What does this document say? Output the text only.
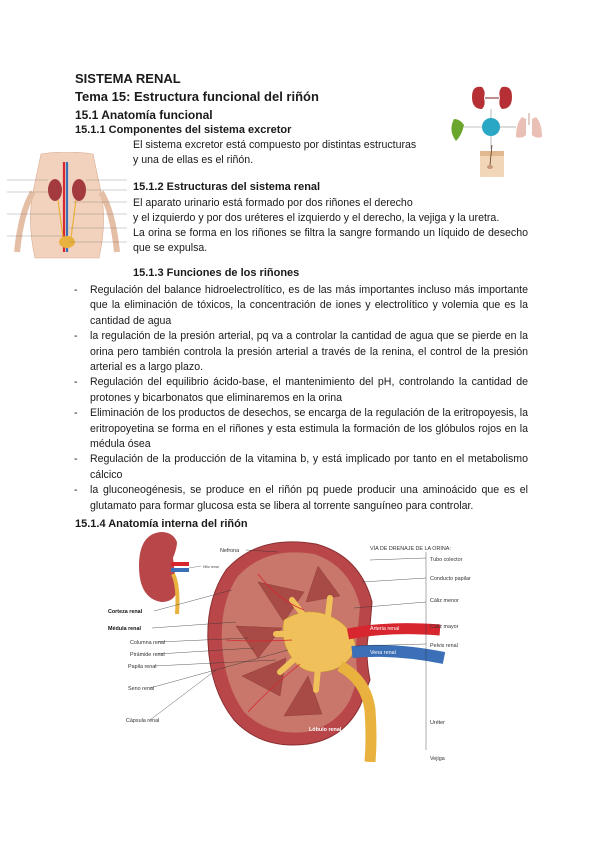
SISTEMA RENAL
Tema 15: Estructura funcional del riñón
15.1 Anatomía funcional
15.1.1 Componentes del sistema excretor
El sistema excretor está compuesto por distintas estructuras
y una de ellas es el riñón.
15.1.2 Estructuras del sistema renal
El aparato urinario está formado por dos riñones el derecho
y el izquierdo y por dos uréteres el izquierdo y el derecho, la vejiga y la uretra.
La orina se forma en los riñones se filtra la sangre formando un líquido de desecho que se expulsa.
15.1.3 Funciones de los riñones
- Regulación del balance hidroelectrolítico, es de las más importantes incluso más importante que la eliminación de tóxicos, la concentración de iones y electrolítico y volemia que es la cantidad de agua
- la regulación de la presión arterial, pq va a controlar la cantidad de agua que se pierde en la orina pero también controla la presión arterial a través de la renina, el control de la presión arterial es a largo plazo.
- Regulación del equilibrio ácido-base, el mantenimiento del pH, controlando la cantidad de protones y bicarbonatos que eliminaremos en la orina
- Eliminación de los productos de desechos, se encarga de la regulación de la eritropoyesis, la eritropoyetina se forma en el riñones y esta estimula la formación de los glóbulos rojos en la médula ósea
- Regulación de la producción de la vitamina b, y está implicado por tanto en el metabolismo cálcico
- la gluconeogénesis, se produce en el riñón pq puede producir una aminoácido que es el glutamato para formar glucosa esta se libera al torrente sanguíneo para controlar.
15.1.4 Anatomía interna del riñón
Hilio renal
Lóbulo renal
Arteria renal
Vena renal
Nefrona	VÍA DE DRENAJE DE LA ORINA:
Tubo colector
Conducto papilar
Cáliz menor
Cáliz mayor
Pelvis renal
Uréter
Vejiga
Corteza renal
Médula renal
Columna renal
Pirámide renal
Papila renal
Seno renal
Cápsula renal
